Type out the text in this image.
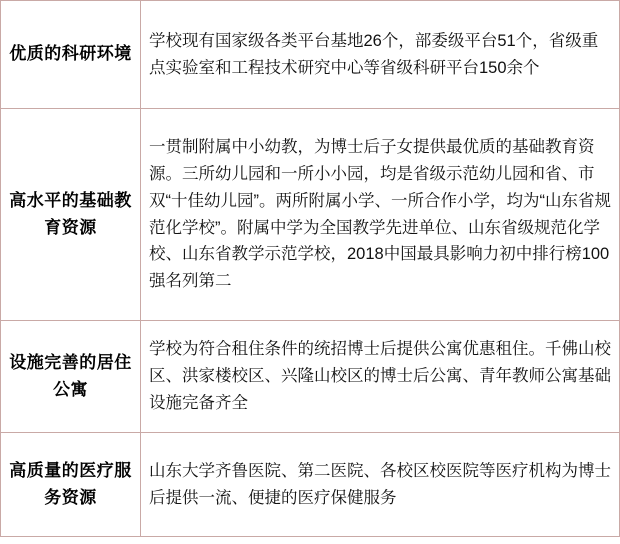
优质的科研环境	学校现有国家级各类平台基地26个，部委级平台51个，省级重点实验室和工程技术研究中心等省级科研平台150余个

高水平的基础教育资源	一贯制附属中小幼教，为博士后子女提供最优质的基础教育资源。三所幼儿园和一所小小园，均是省级示范幼儿园和省、市双“十佳幼儿园”。两所附属小学、一所合作小学，均为“山东省规范化学校”。附属中学为全国教学先进单位、山东省级规范化学校、山东省教学示范学校，2018中国最具影响力初中排行榜100强名列第二

设施完善的居住公寓	学校为符合租住条件的统招博士后提供公寓优惠租住。千佛山校区、洪家楼校区、兴隆山校区的博士后公寓、青年教师公寓基础设施完备齐全

高质量的医疗服务资源	山东大学齐鲁医院、第二医院、各校区校医院等医疗机构为博士后提供一流、便捷的医疗保健服务
